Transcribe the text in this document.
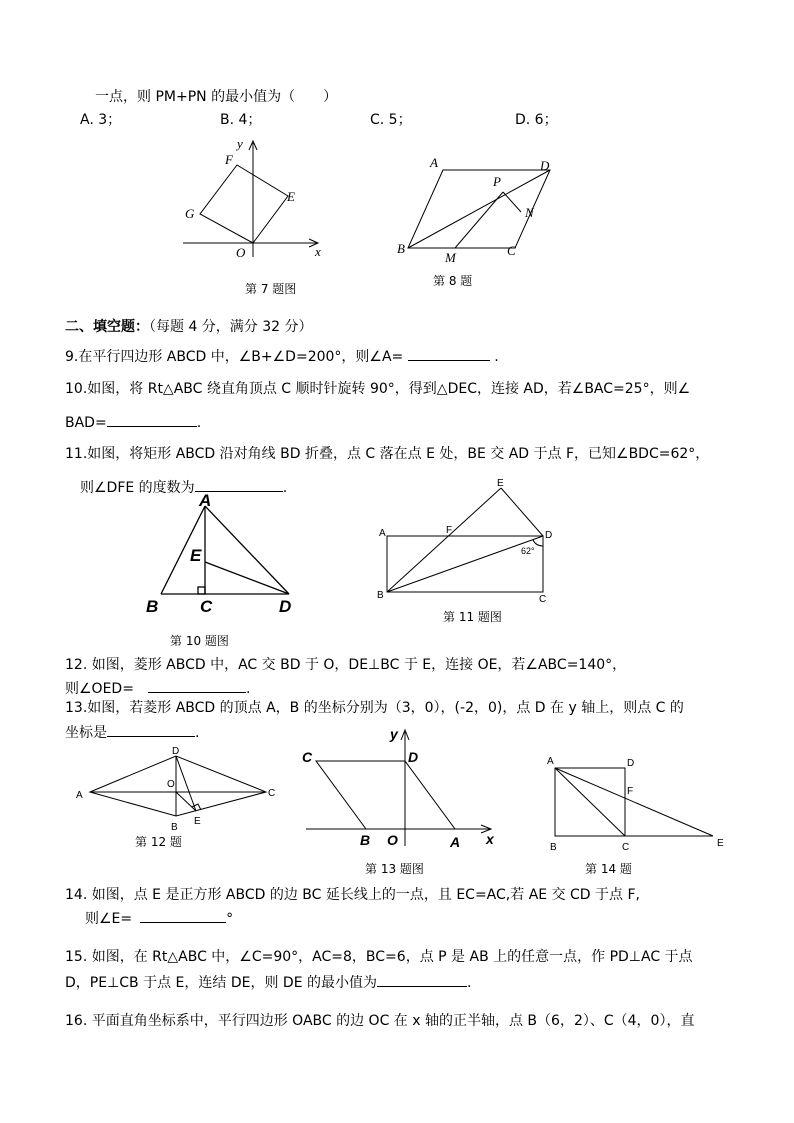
一点，则 PM+PN 的最小值为（　　）
A. 3；	B. 4；	C. 5；	D. 6；
y
x
O
F
G
E
第 7 题图
A	D
P
N
B
M	C
第 8 题
二、填空题：（每题 4 分，满分 32 分）
9.在平行四边形 ABCD 中，∠B+∠D=200°，则∠A=	.
10.如图，将 Rt△ABC 绕直角顶点 C 顺时针旋转 90°，得到△DEC，连接 AD，若∠BAC=25°，则∠
BAD=	.
11.如图，将矩形 ABCD 沿对角线 BD 折叠，点 C 落在点 E 处，BE 交 AD 于点 F，已知∠BDC=62°，
则∠DFE 的度数为	.
A
E
B C	D
第 10 题图
E
A	F	D
62°
B	C
第 11 题图
12. 如图，菱形 ABCD 中，AC 交 BD 于 O，DE⊥BC 于 E，连接 OE，若∠ABC=140°，
则∠OED=	.
13.如图，若菱形 ABCD 的顶点 A，B 的坐标分别为（3，0），(-2，0)，点 D 在 y 轴上，则点 C 的
坐标是	.
D
A
O
C
B
E
第 12 题
y
C	D
B O	A x
第 13 题图
A	D
F
B	C	E
第 14 题
14. 如图，点 E 是正方形 ABCD 的边 BC 延长线上的一点，且 EC=AC,若 AE 交 CD 于点 F,
则∠E=	°
15. 如图，在 Rt△ABC 中，∠C=90°，AC=8，BC=6，点 P 是 AB 上的任意一点，作 PD⊥AC 于点
D，PE⊥CB 于点 E，连结 DE，则 DE 的最小值为	.
16. 平面直角坐标系中，平行四边形 OABC 的边 OC 在 x 轴的正半轴，点 B（6，2）、C（4，0），直
